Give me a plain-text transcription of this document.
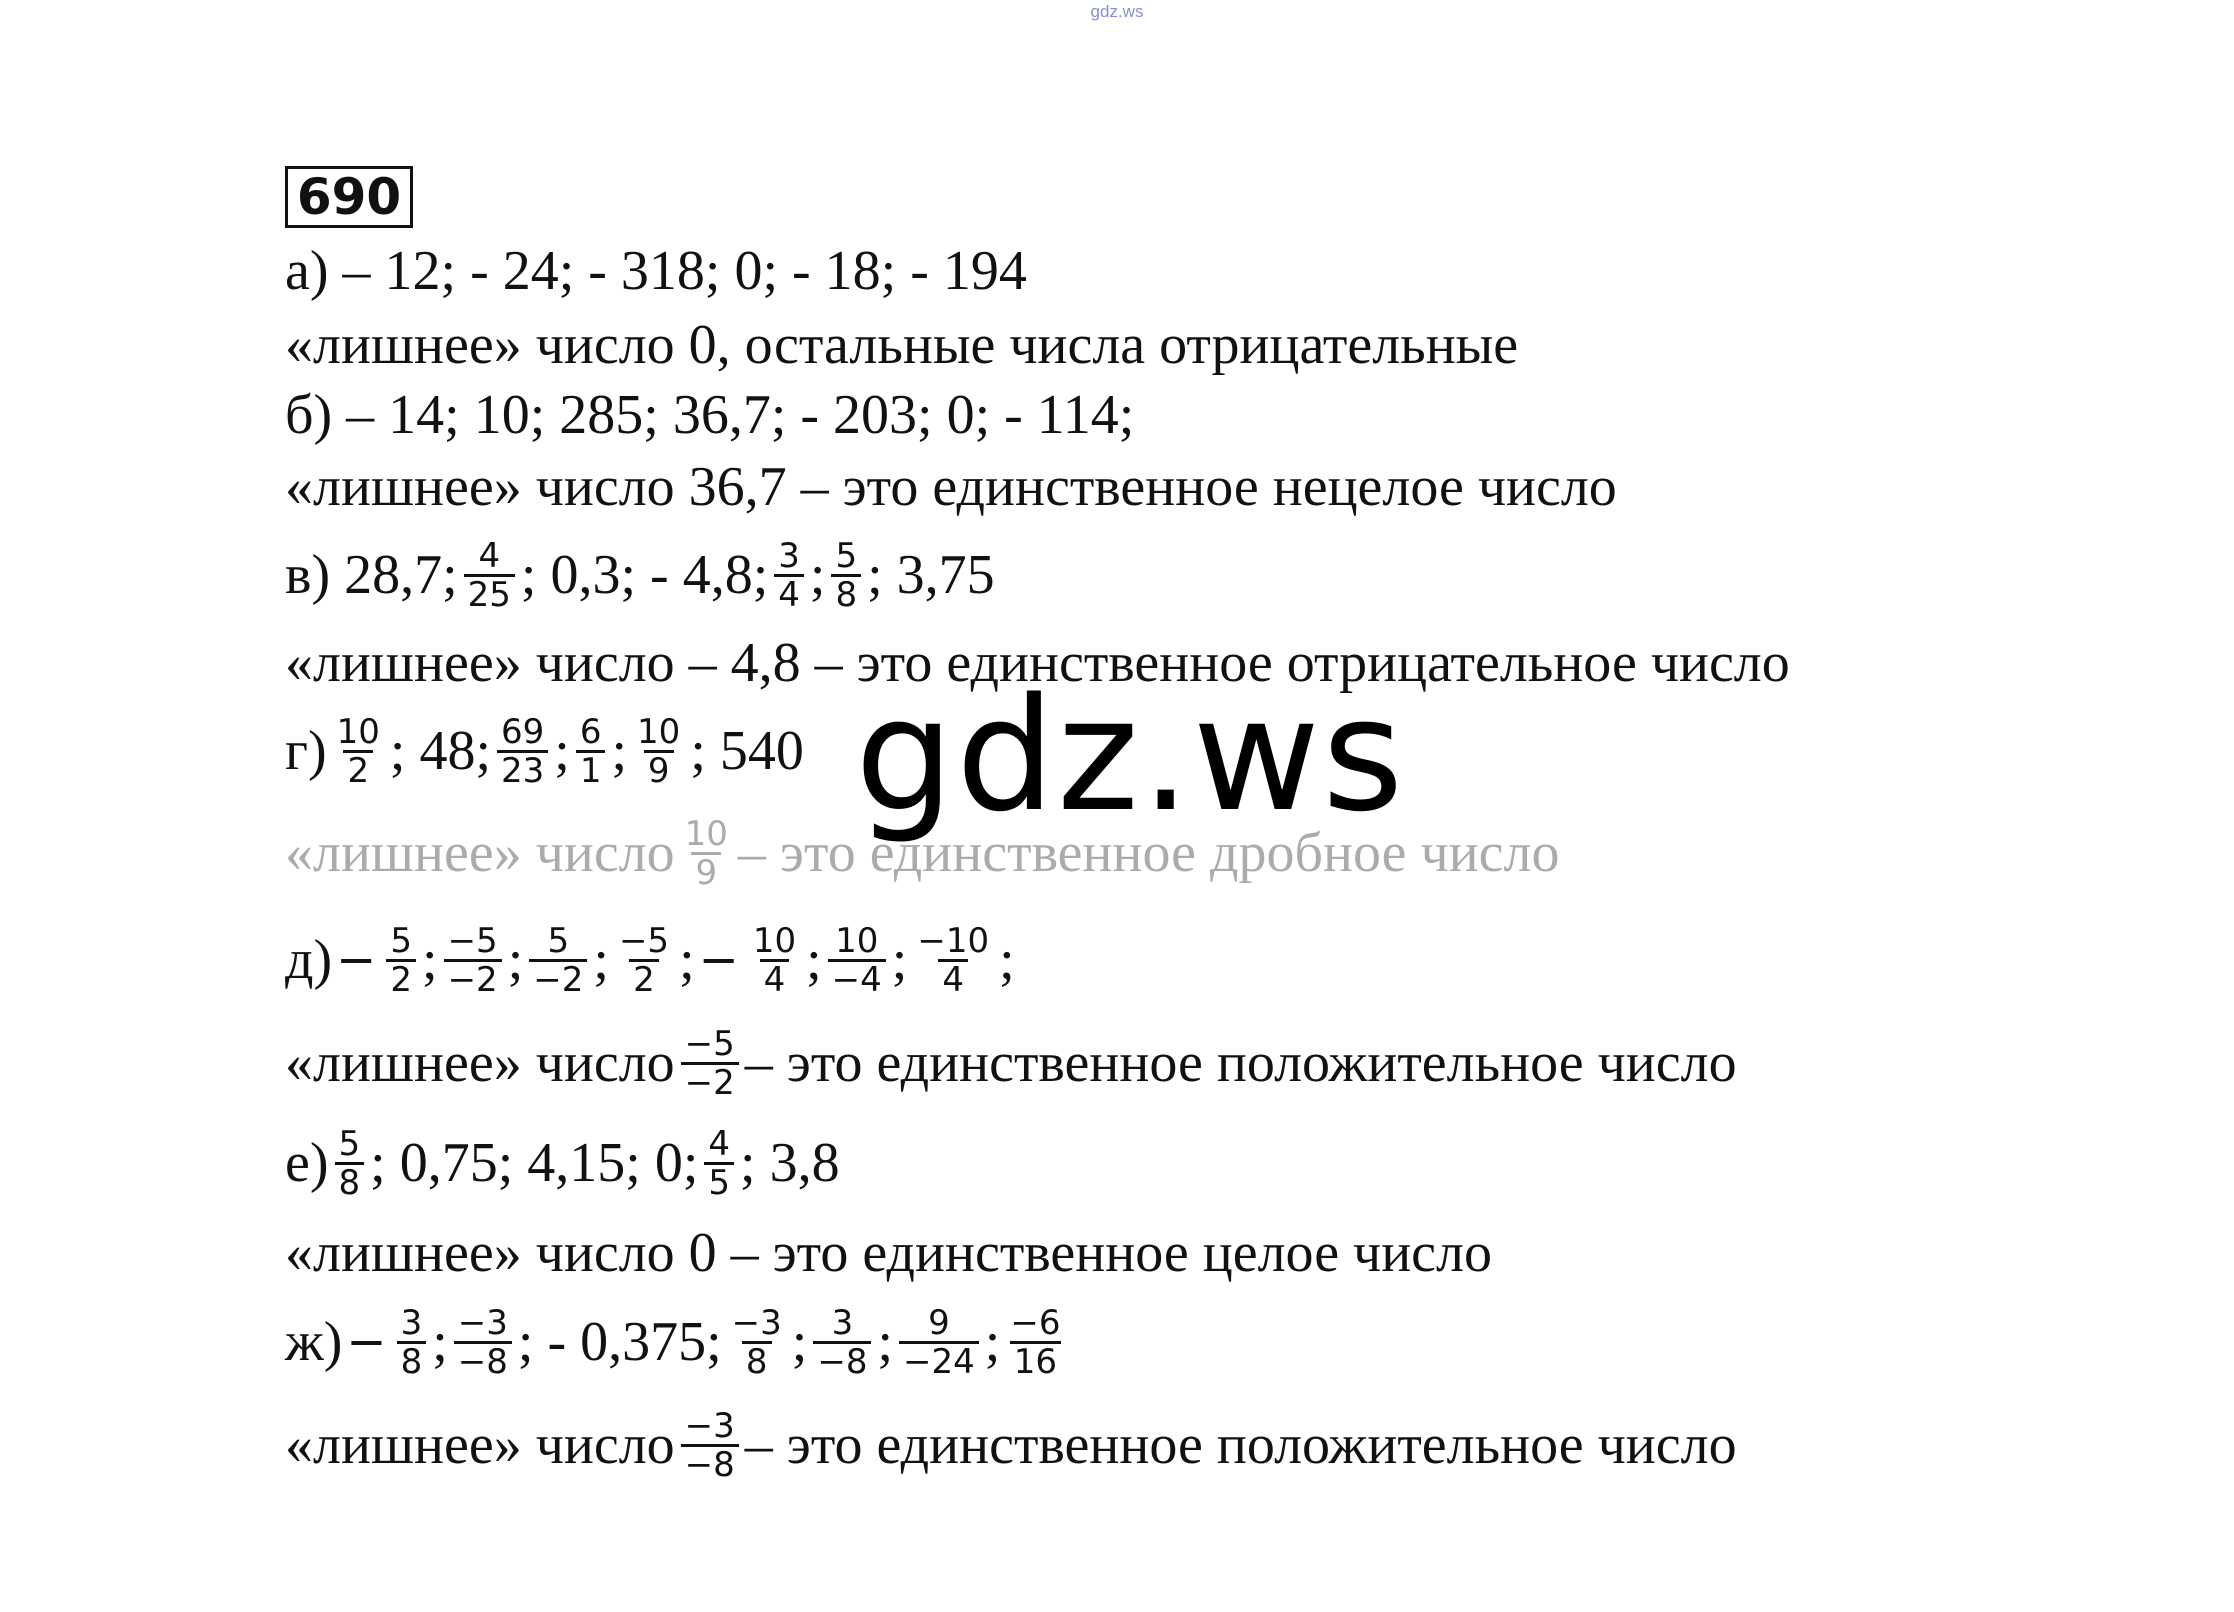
gdz.ws
690
а) – 12; - 24; - 318; 0; - 18; - 194
«лишнее» число 0, остальные числа отрицательные
б) – 14; 10; 285; 36,7; - 203; 0; - 114;
«лишнее» число 36,7 – это единственное нецелое число
в) 28,7; $\frac{4}{25}$ ; 0,3; - 4,8; $\frac{3}{4}$ ; $\frac{5}{8}$ ; 3,75
«лишнее» число – 4,8 – это единственное отрицательное число
$г) \frac{10}{2}$ ; 48; $\frac{69}{23}$ ; $\frac{6}{1}$ ; $\frac{10}{9}$ ; 540
«лишнее» число $\frac{10}{9}$ – это единственное дробное число
$д) - \frac{5}{2}$ ; $\frac{-5}{-2}$ ; $\frac{5}{-2}$ ; $\frac{-5}{2}$ ; − $\frac{10}{4}$ ; $\frac{10}{-4}$ ; $\frac{-10}{4}$ ;
«лишнее» число $\frac{-5}{-2}$ – это единственное положительное число
$е) \frac{5}{8}$ ; 0,75; 4,15; 0; $\frac{4}{5}$ ; 3,8
«лишнее» число 0 – это единственное целое число
$ж) - \frac{3}{8}$ ; $\frac{-3}{-8}$ ; - 0,375; $\frac{-3}{8}$ ; $\frac{3}{-8}$ ; $\frac{9}{-24}$ ; $\frac{-6}{16}$
«лишнее» число $\frac{-3}{-8}$ – это единственное положительное число
gdz.ws
